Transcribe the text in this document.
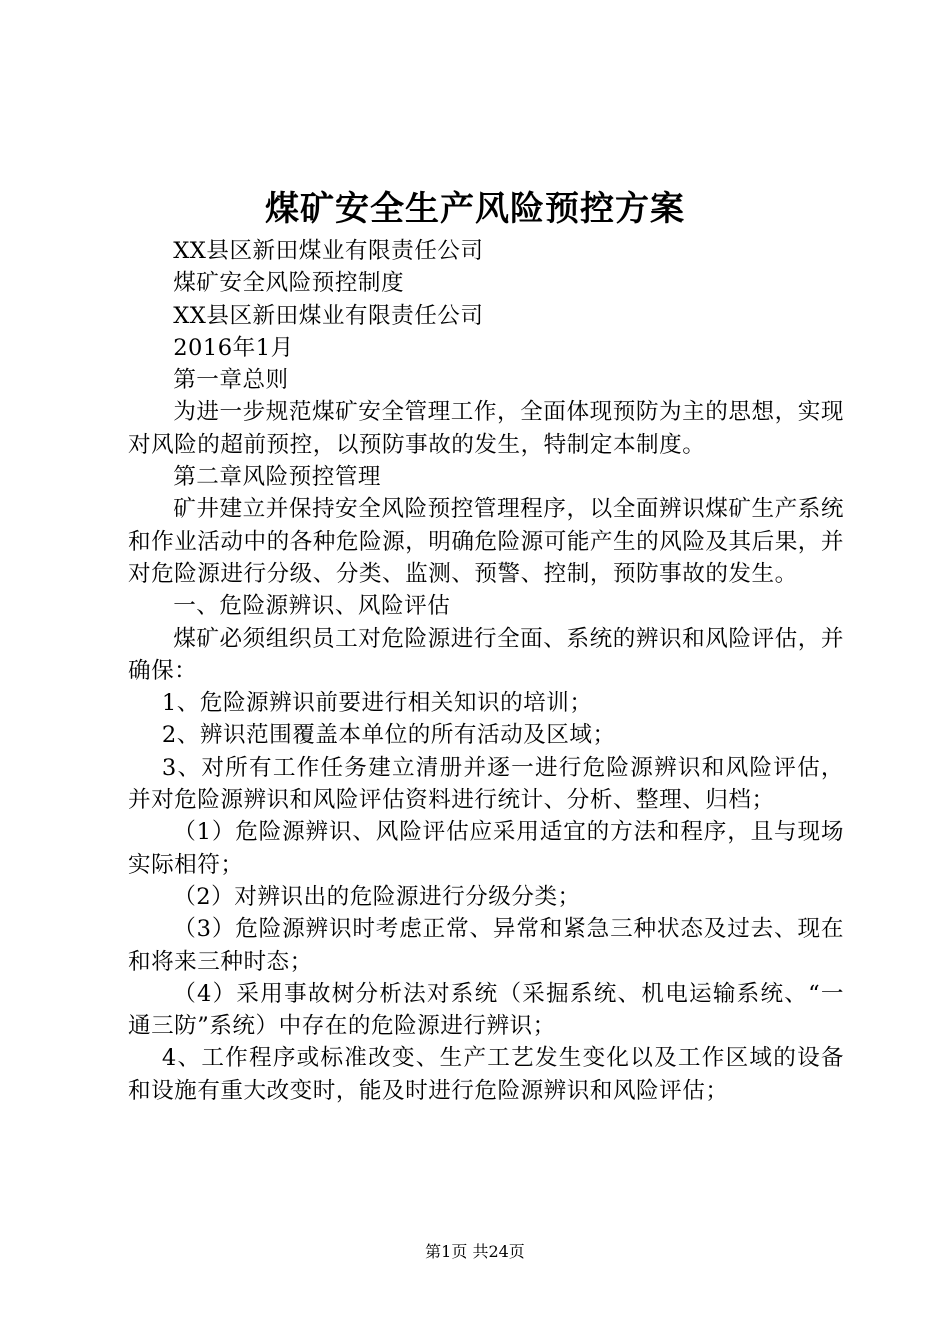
煤矿安全生产风险预控方案

XX县区新田煤业有限责任公司

煤矿安全风险预控制度

XX县区新田煤业有限责任公司

2016年1月

第一章总则

为进一步规范煤矿安全管理工作，全面体现预防为主的思想，实现对风险的超前预控，以预防事故的发生，特制定本制度。

第二章风险预控管理

矿井建立并保持安全风险预控管理程序，以全面辨识煤矿生产系统和作业活动中的各种危险源，明确危险源可能产生的风险及其后果，并对危险源进行分级、分类、监测、预警、控制，预防事故的发生。

一、危险源辨识、风险评估

煤矿必须组织员工对危险源进行全面、系统的辨识和风险评估，并确保：

1、危险源辨识前要进行相关知识的培训；

2、辨识范围覆盖本单位的所有活动及区域；

3、对所有工作任务建立清册并逐一进行危险源辨识和风险评估，并对危险源辨识和风险评估资料进行统计、分析、整理、归档；

（1）危险源辨识、风险评估应采用适宜的方法和程序，且与现场实际相符；

（2）对辨识出的危险源进行分级分类；

（3）危险源辨识时考虑正常、异常和紧急三种状态及过去、现在和将来三种时态；

（4）采用事故树分析法对系统（采掘系统、机电运输系统、“一通三防”系统）中存在的危险源进行辨识；

4、工作程序或标准改变、生产工艺发生变化以及工作区域的设备和设施有重大改变时，能及时进行危险源辨识和风险评估；

第1页 共24页
